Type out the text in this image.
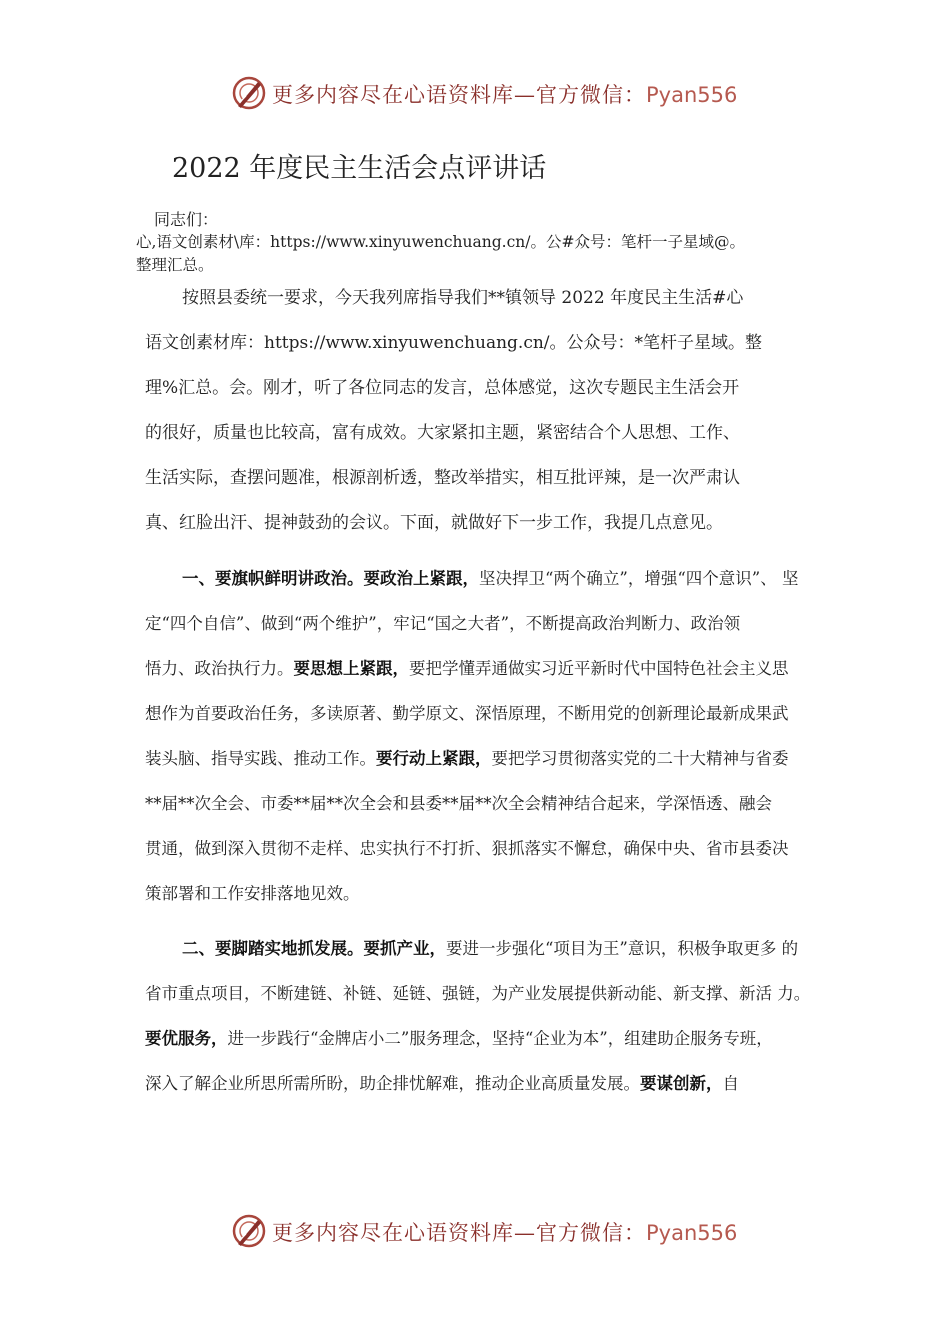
更多内容尽在心语资料库—官方微信：Pyan556
2022 年度民主生活会点评讲话
同志们：
心,语文创素材\库：https://www.xinyuwenchuang.cn/。公#众号：笔杆一子星域@。
整理汇总。
按照县委统一要求，今天我列席指导我们**镇领导 2022 年度民主生活#心
语文创素材库：https://www.xinyuwenchuang.cn/。公众号：*笔杆子星域。整
理%汇总。会。刚才，听了各位同志的发言，总体感觉，这次专题民主生活会开
的很好，质量也比较高，富有成效。大家紧扣主题，紧密结合个人思想、工作、
生活实际，查摆问题准，根源剖析透，整改举措实，相互批评辣，是一次严肃认
真、红脸出汗、提神鼓劲的会议。下面，就做好下一步工作，我提几点意见。
一、要旗帜鲜明讲政治。要政治上紧跟，坚决捍卫“两个确立”，增强“四个意识”、 坚
定“四个自信”、做到“两个维护”，牢记“国之大者”，不断提高政治判断力、政治领
悟力、政治执行力。要思想上紧跟，要把学懂弄通做实习近平新时代中国特色社会主义思
想作为首要政治任务，多读原著、勤学原文、深悟原理，不断用党的创新理论最新成果武
装头脑、指导实践、推动工作。要行动上紧跟，要把学习贯彻落实党的二十大精神与省委
**届**次全会、市委**届**次全会和县委**届**次全会精神结合起来，学深悟透、融会
贯通，做到深入贯彻不走样、忠实执行不打折、狠抓落实不懈怠，确保中央、省市县委决
策部署和工作安排落地见效。
二、要脚踏实地抓发展。要抓产业，要进一步强化“项目为王”意识，积极争取更多 的
省市重点项目，不断建链、补链、延链、强链，为产业发展提供新动能、新支撑、新活 力。
要优服务，进一步践行“金牌店小二”服务理念，坚持“企业为本”，组建助企服务专班，
深入了解企业所思所需所盼，助企排忧解难，推动企业高质量发展。要谋创新，自
更多内容尽在心语资料库—官方微信：Pyan556
